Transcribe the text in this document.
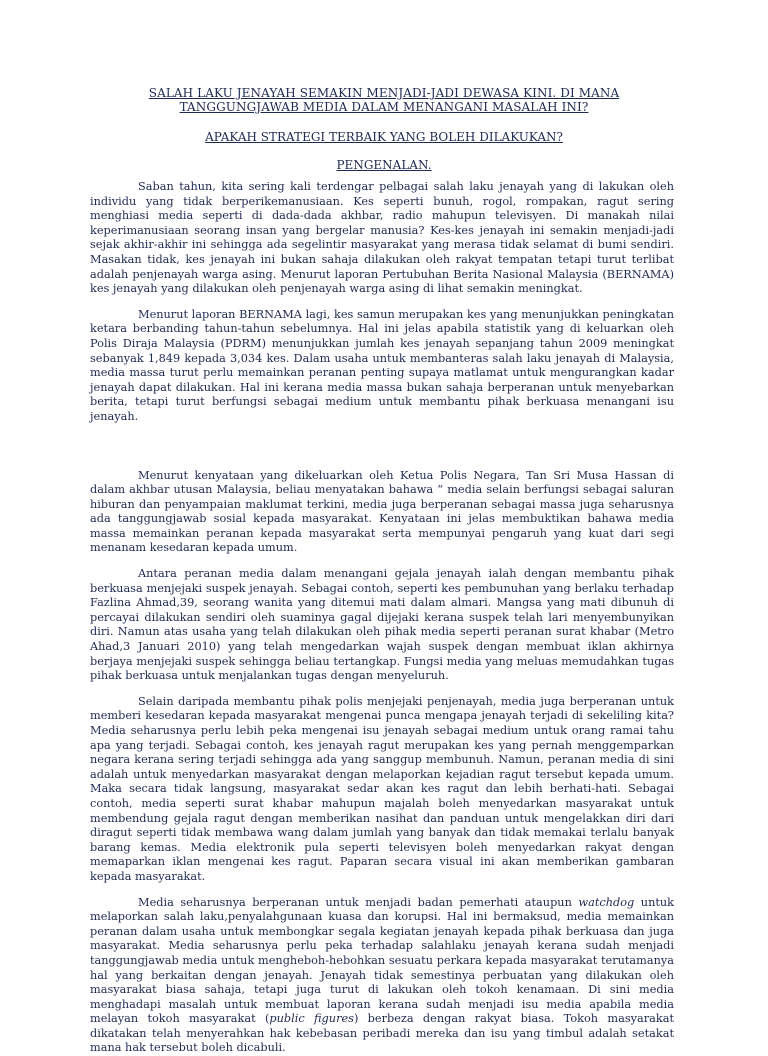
SALAH LAKU JENAYAH SEMAKIN MENJADI-JADI DEWASA KINI. DI MANA TANGGUNGJAWAB MEDIA DALAM MENANGANI MASALAH INI?
APAKAH STRATEGI TERBAIK YANG BOLEH DILAKUKAN?
PENGENALAN.

Saban tahun, kita sering kali terdengar pelbagai salah laku jenayah yang di lakukan oleh individu yang tidak berperikemanusiaan. Kes seperti bunuh, rogol, rompakan, ragut sering menghiasi media seperti di dada-dada akhbar, radio mahupun televisyen. Di manakah nilai keperimanusiaan seorang insan yang bergelar manusia? Kes-kes jenayah ini semakin menjadi-jadi sejak akhir-akhir ini sehingga ada segelintir masyarakat yang merasa tidak selamat di bumi sendiri. Masakan tidak, kes jenayah ini bukan sahaja dilakukan oleh rakyat tempatan tetapi turut terlibat adalah penjenayah warga asing. Menurut laporan Pertubuhan Berita Nasional Malaysia (BERNAMA) kes jenayah yang dilakukan oleh penjenayah warga asing di lihat semakin meningkat.

Menurut laporan BERNAMA lagi, kes samun merupakan kes yang menunjukkan peningkatan ketara berbanding tahun-tahun sebelumnya. Hal ini jelas apabila statistik yang di keluarkan oleh Polis Diraja Malaysia (PDRM) menunjukkan jumlah kes jenayah sepanjang tahun 2009 meningkat sebanyak 1,849 kepada 3,034 kes. Dalam usaha untuk membanteras salah laku jenayah di Malaysia, media massa turut perlu memainkan peranan penting supaya matlamat untuk mengurangkan kadar jenayah dapat dilakukan. Hal ini kerana media massa bukan sahaja berperanan untuk menyebarkan berita, tetapi turut berfungsi sebagai medium untuk membantu pihak berkuasa menangani isu jenayah.

Menurut kenyataan yang dikeluarkan oleh Ketua Polis Negara, Tan Sri Musa Hassan di dalam akhbar utusan Malaysia, beliau menyatakan bahawa “ media selain berfungsi sebagai saluran hiburan dan penyampaian maklumat terkini, media juga berperanan sebagai massa juga seharusnya ada tanggungjawab sosial kepada masyarakat. Kenyataan ini jelas membuktikan bahawa media massa memainkan peranan kepada masyarakat serta mempunyai pengaruh yang kuat dari segi menanam kesedaran kepada umum.

Antara peranan media dalam menangani gejala jenayah ialah dengan membantu pihak berkuasa menjejaki suspek jenayah. Sebagai contoh, seperti kes pembunuhan yang berlaku terhadap Fazlina Ahmad,39, seorang wanita yang ditemui mati dalam almari. Mangsa yang mati dibunuh di percayai dilakukan sendiri oleh suaminya gagal dijejaki kerana suspek telah lari menyembunyikan diri. Namun atas usaha yang telah dilakukan oleh pihak media seperti peranan surat khabar (Metro Ahad,3 Januari 2010) yang telah mengedarkan wajah suspek dengan membuat iklan akhirnya berjaya menjejaki suspek sehingga beliau tertangkap. Fungsi media yang meluas memudahkan tugas pihak berkuasa untuk menjalankan tugas dengan menyeluruh.

Selain daripada membantu pihak polis menjejaki penjenayah, media juga berperanan untuk memberi kesedaran kepada masyarakat mengenai punca mengapa jenayah terjadi di sekeliling kita? Media seharusnya perlu lebih peka mengenai isu jenayah sebagai medium untuk orang ramai tahu apa yang terjadi. Sebagai contoh, kes jenayah ragut merupakan kes yang pernah menggemparkan negara kerana sering terjadi sehingga ada yang sanggup membunuh. Namun, peranan media di sini adalah untuk menyedarkan masyarakat dengan melaporkan kejadian ragut tersebut kepada umum. Maka secara tidak langsung, masyarakat sedar akan kes ragut dan lebih berhati-hati. Sebagai contoh, media seperti surat khabar mahupun majalah boleh menyedarkan masyarakat untuk membendung gejala ragut dengan memberikan nasihat dan panduan untuk mengelakkan diri dari diragut seperti tidak membawa wang dalam jumlah yang banyak dan tidak memakai terlalu banyak barang kemas. Media elektronik pula seperti televisyen boleh menyedarkan rakyat dengan memaparkan iklan mengenai kes ragut. Paparan secara visual ini akan memberikan gambaran kepada masyarakat.

Media seharusnya berperanan untuk menjadi badan pemerhati ataupun watchdog untuk melaporkan salah laku,penyalahgunaan kuasa dan korupsi. Hal ini bermaksud, media memainkan peranan dalam usaha untuk membongkar segala kegiatan jenayah kepada pihak berkuasa dan juga masyarakat. Media seharusnya perlu peka terhadap salahlaku jenayah kerana sudah menjadi tanggungjawab media untuk mengheboh-hebohkan sesuatu perkara kepada masyarakat terutamanya hal yang berkaitan dengan jenayah. Jenayah tidak semestinya perbuatan yang dilakukan oleh masyarakat biasa sahaja, tetapi juga turut di lakukan oleh tokoh kenamaan. Di sini media menghadapi masalah untuk membuat laporan kerana sudah menjadi isu media apabila media melayan tokoh masyarakat (public figures) berbeza dengan rakyat biasa. Tokoh masyarakat dikatakan telah menyerahkan hak kebebasan peribadi mereka dan isu yang timbul adalah setakat mana hak tersebut boleh dicabuli.
